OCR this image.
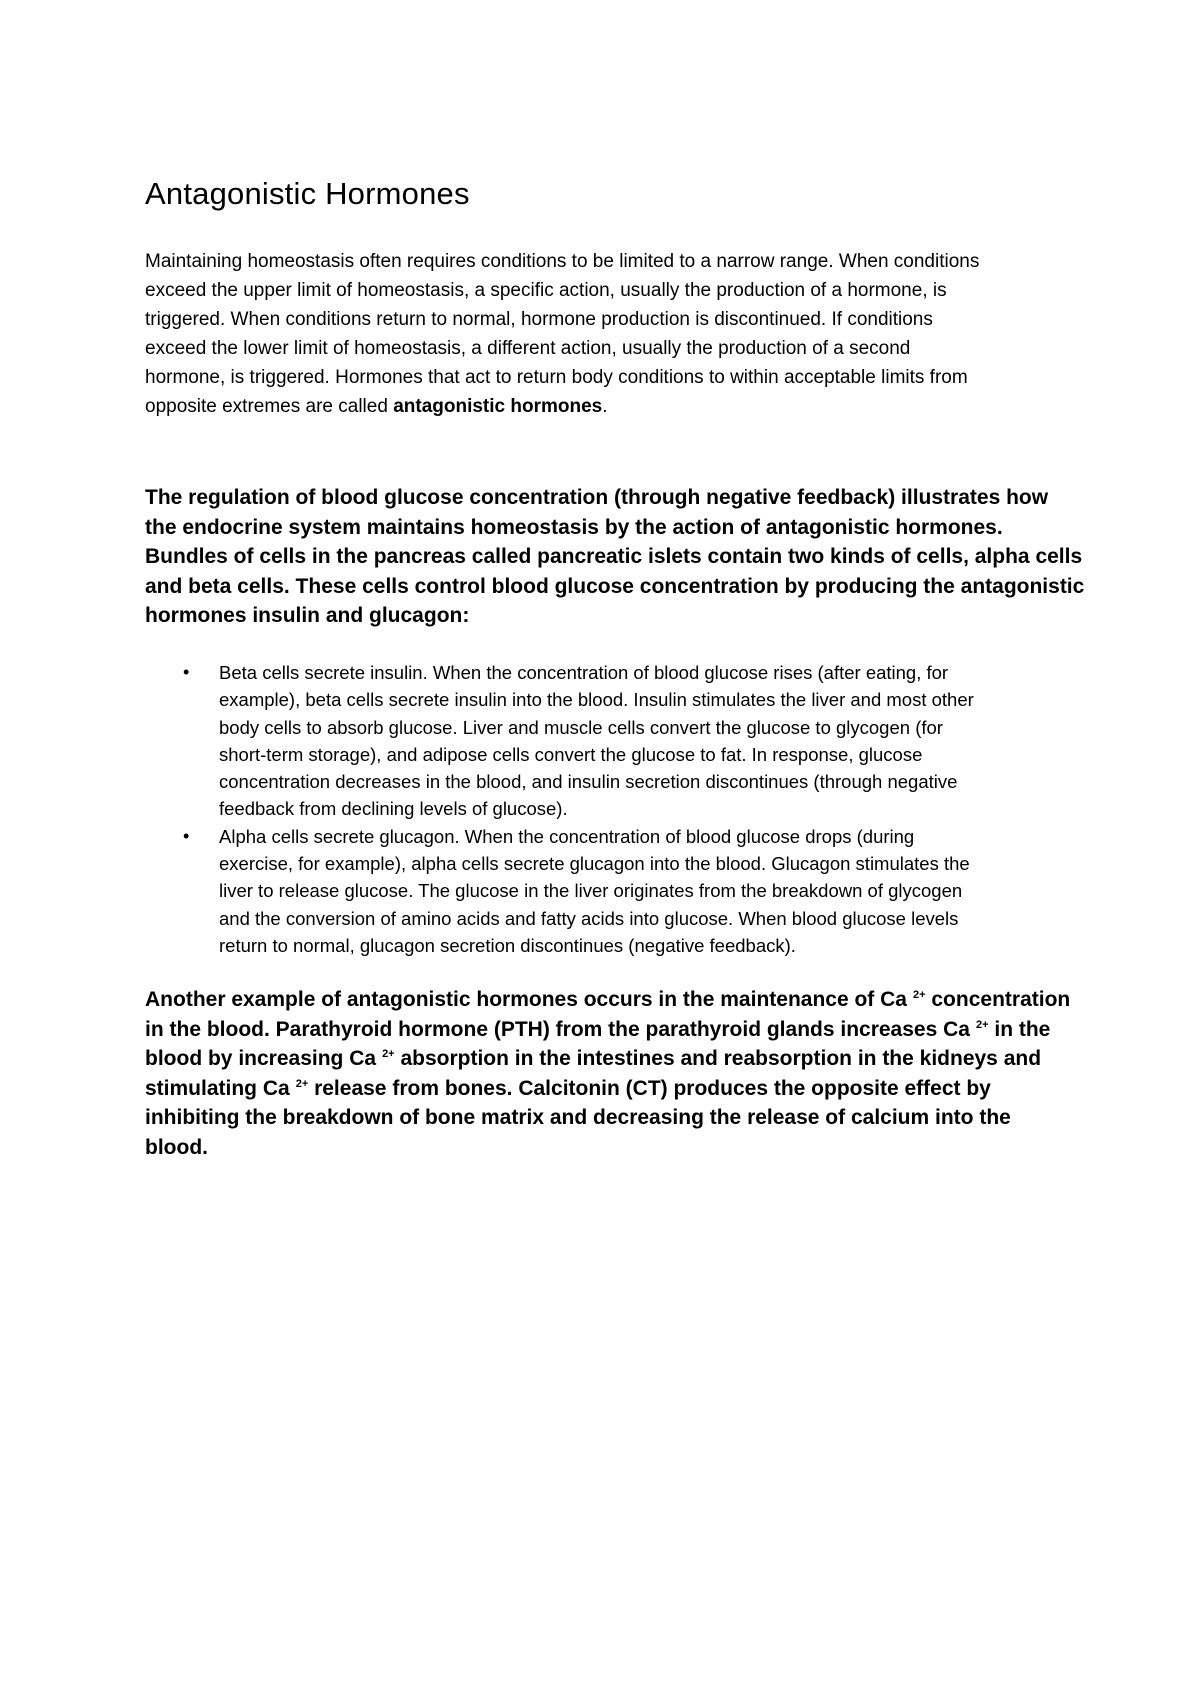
Antagonistic Hormones

Maintaining homeostasis often requires conditions to be limited to a narrow range. When conditions
exceed the upper limit of homeostasis, a specific action, usually the production of a hormone, is
triggered. When conditions return to normal, hormone production is discontinued. If conditions
exceed the lower limit of homeostasis, a different action, usually the production of a second
hormone, is triggered. Hormones that act to return body conditions to within acceptable limits from
opposite extremes are called antagonistic hormones.

The regulation of blood glucose concentration (through negative feedback) illustrates how
the endocrine system maintains homeostasis by the action of antagonistic hormones.
Bundles of cells in the pancreas called pancreatic islets contain two kinds of cells, alpha cells
and beta cells. These cells control blood glucose concentration by producing the antagonistic
hormones insulin and glucagon:

• Beta cells secrete insulin. When the concentration of blood glucose rises (after eating, for
example), beta cells secrete insulin into the blood. Insulin stimulates the liver and most other
body cells to absorb glucose. Liver and muscle cells convert the glucose to glycogen (for
short-term storage), and adipose cells convert the glucose to fat. In response, glucose
concentration decreases in the blood, and insulin secretion discontinues (through negative
feedback from declining levels of glucose).
• Alpha cells secrete glucagon. When the concentration of blood glucose drops (during
exercise, for example), alpha cells secrete glucagon into the blood. Glucagon stimulates the
liver to release glucose. The glucose in the liver originates from the breakdown of glycogen
and the conversion of amino acids and fatty acids into glucose. When blood glucose levels
return to normal, glucagon secretion discontinues (negative feedback).

Another example of antagonistic hormones occurs in the maintenance of Ca $^{2+}$ concentration
in the blood. Parathyroid hormone (PTH) from the parathyroid glands increases Ca $^{2+}$ in the
blood by increasing Ca $^{2+}$ absorption in the intestines and reabsorption in the kidneys and
stimulating Ca $^{2+}$ release from bones. Calcitonin (CT) produces the opposite effect by
inhibiting the breakdown of bone matrix and decreasing the release of calcium into the
blood.
